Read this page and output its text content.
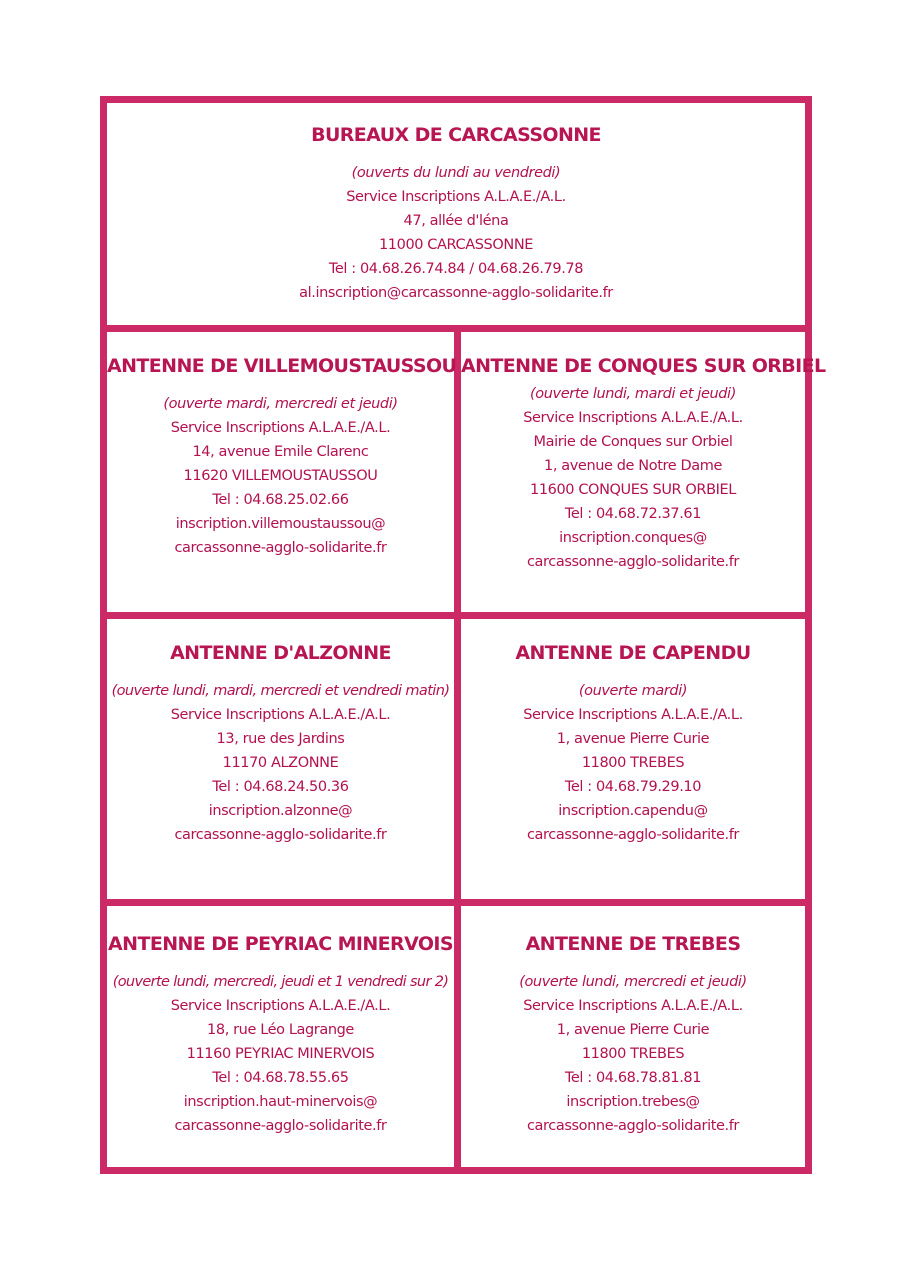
BUREAUX DE CARCASSONNE
(ouverts du lundi au vendredi)
Service Inscriptions A.L.A.E./A.L.
47, allée d'léna
11000 CARCASSONNE
Tel : 04.68.26.74.84 / 04.68.26.79.78
al.inscription@carcassonne-agglo-solidarite.fr
ANTENNE DE VILLEMOUSTAUSSOU
(ouverte mardi, mercredi et jeudi)
Service Inscriptions A.L.A.E./A.L.
14, avenue Emile Clarenc
11620 VILLEMOUSTAUSSOU
Tel : 04.68.25.02.66
inscription.villemoustaussou@
carcassonne-agglo-solidarite.fr
ANTENNE DE CONQUES SUR ORBIEL
(ouverte lundi, mardi et jeudi)
Service Inscriptions A.L.A.E./A.L.
Mairie de Conques sur Orbiel
1, avenue de Notre Dame
11600 CONQUES SUR ORBIEL
Tel : 04.68.72.37.61
inscription.conques@
carcassonne-agglo-solidarite.fr
ANTENNE D'ALZONNE
(ouverte lundi, mardi, mercredi et vendredi matin)
Service Inscriptions A.L.A.E./A.L.
13, rue des Jardins
11170 ALZONNE
Tel : 04.68.24.50.36
inscription.alzonne@
carcassonne-agglo-solidarite.fr
ANTENNE DE CAPENDU
(ouverte mardi)
Service Inscriptions A.L.A.E./A.L.
1, avenue Pierre Curie
11800 TREBES
Tel : 04.68.79.29.10
inscription.capendu@
carcassonne-agglo-solidarite.fr
ANTENNE DE PEYRIAC MINERVOIS
(ouverte lundi, mercredi, jeudi et 1 vendredi sur 2)
Service Inscriptions A.L.A.E./A.L.
18, rue Léo Lagrange
11160 PEYRIAC MINERVOIS
Tel : 04.68.78.55.65
inscription.haut-minervois@
carcassonne-agglo-solidarite.fr
ANTENNE DE TREBES
(ouverte lundi, mercredi et jeudi)
Service Inscriptions A.L.A.E./A.L.
1, avenue Pierre Curie
11800 TREBES
Tel : 04.68.78.81.81
inscription.trebes@
carcassonne-agglo-solidarite.fr
